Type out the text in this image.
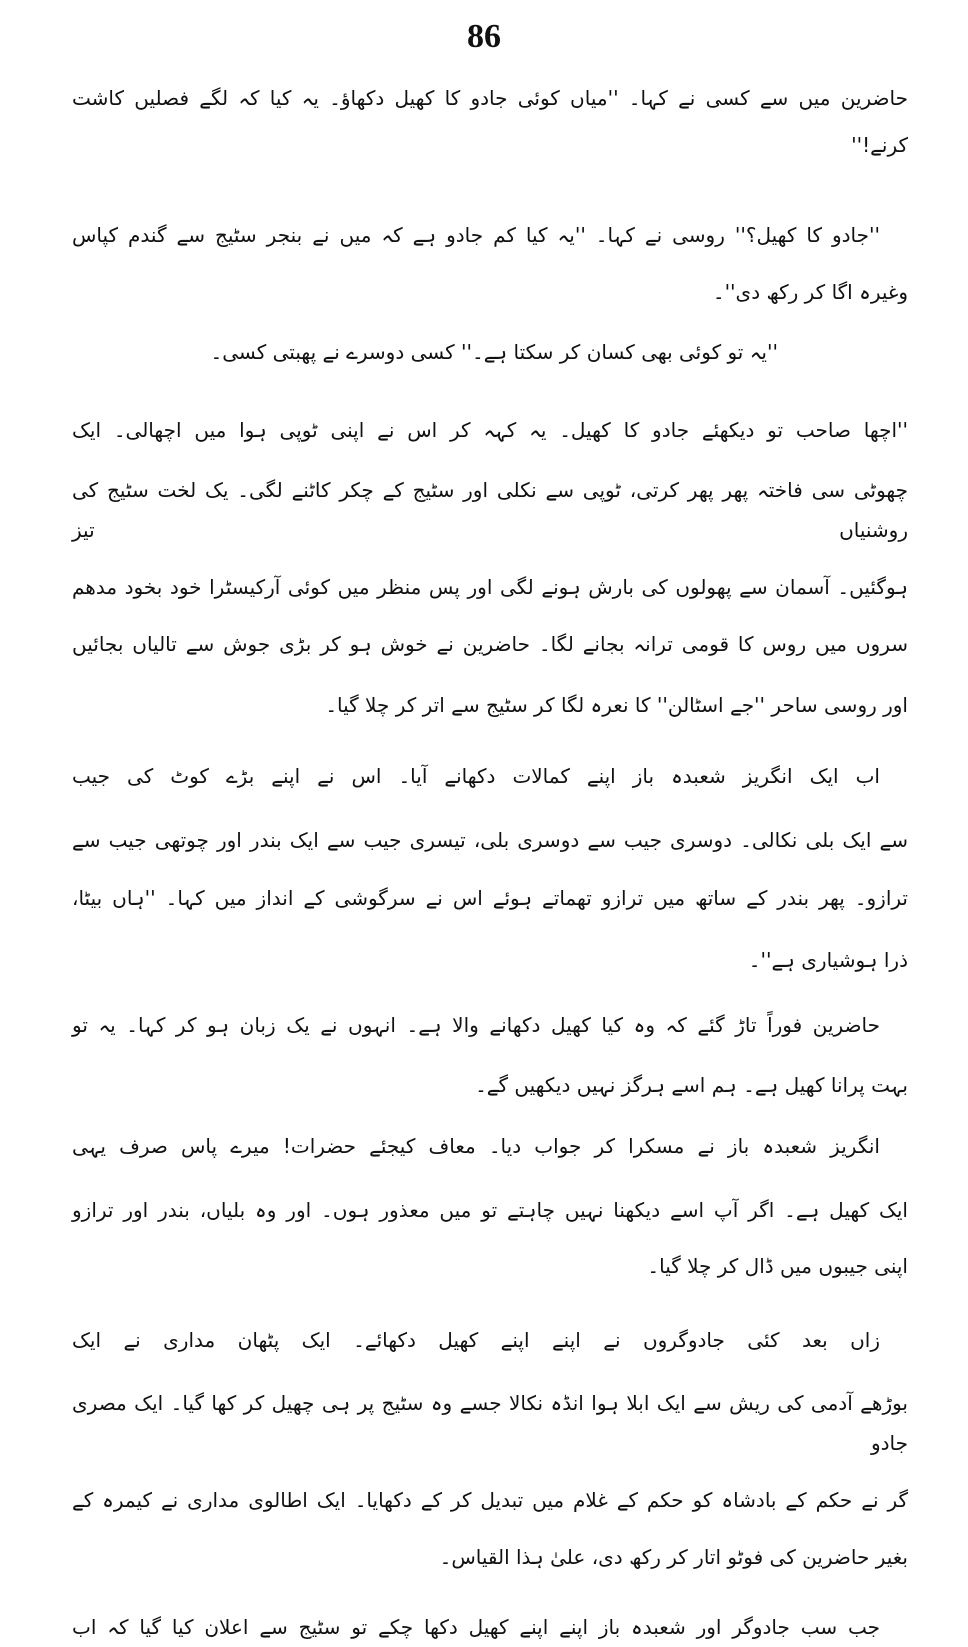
86
حاضرین میں سے کسی نے کہا۔ ''میاں کوئی جادو کا کھیل دکھاؤ۔ یہ کیا کہ لگے فصلیں کاشت
کرنے!''
''جادو کا کھیل؟'' روسی نے کہا۔ ''یہ کیا کم جادو ہے کہ میں نے بنجر سٹیج سے گندم کپاس
وغیرہ اگا کر رکھ دی''۔
''یہ تو کوئی بھی کسان کر سکتا ہے۔'' کسی دوسرے نے پھبتی کسی۔
''اچھا صاحب تو دیکھئے جادو کا کھیل۔ یہ کہہ کر اس نے اپنی ٹوپی ہوا میں اچھالی۔ ایک
چھوٹی سی فاختہ پھر پھر کرتی، ٹوپی سے نکلی اور سٹیج کے چکر کاٹنے لگی۔ یک لخت سٹیج کی روشنیاں تیز
ہوگئیں۔ آسمان سے پھولوں کی بارش ہونے لگی اور پس منظر میں کوئی آرکیسٹرا خود بخود مدھم
سروں میں روس کا قومی ترانہ بجانے لگا۔ حاضرین نے خوش ہو کر بڑی جوش سے تالیاں بجائیں
اور روسی ساحر ''جے اسٹالن'' کا نعرہ لگا کر سٹیج سے اتر کر چلا گیا۔
اب ایک انگریز شعبدہ باز اپنے کمالات دکھانے آیا۔ اس نے اپنے بڑے کوٹ کی جیب
سے ایک بلی نکالی۔ دوسری جیب سے دوسری بلی، تیسری جیب سے ایک بندر اور چوتھی جیب سے
ترازو۔ پھر بندر کے ساتھ میں ترازو تھماتے ہوئے اس نے سرگوشی کے انداز میں کہا۔ ''ہاں بیٹا،
ذرا ہوشیاری ہے''۔
حاضرین فوراً تاڑ گئے کہ وہ کیا کھیل دکھانے والا ہے۔ انہوں نے یک زبان ہو کر کہا۔ یہ تو
بہت پرانا کھیل ہے۔ ہم اسے ہرگز نہیں دیکھیں گے۔
انگریز شعبدہ باز نے مسکرا کر جواب دیا۔ معاف کیجئے حضرات! میرے پاس صرف یہی
ایک کھیل ہے۔ اگر آپ اسے دیکھنا نہیں چاہتے تو میں معذور ہوں۔ اور وہ بلیاں، بندر اور ترازو
اپنی جیبوں میں ڈال کر چلا گیا۔
زاں بعد کئی جادوگروں نے اپنے اپنے کھیل دکھائے۔ ایک پٹھان مداری نے ایک
بوڑھے آدمی کی ریش سے ایک ابلا ہوا انڈہ نکالا جسے وہ سٹیج پر ہی چھیل کر کھا گیا۔ ایک مصری جادو
گر نے حکم کے بادشاہ کو حکم کے غلام میں تبدیل کر کے دکھایا۔ ایک اطالوی مداری نے کیمرہ کے
بغیر حاضرین کی فوٹو اتار کر رکھ دی، علیٰ ہذا القیاس۔
جب سب جادوگر اور شعبدہ باز اپنے اپنے کھیل دکھا چکے تو سٹیج سے اعلان کیا گیا کہ اب
